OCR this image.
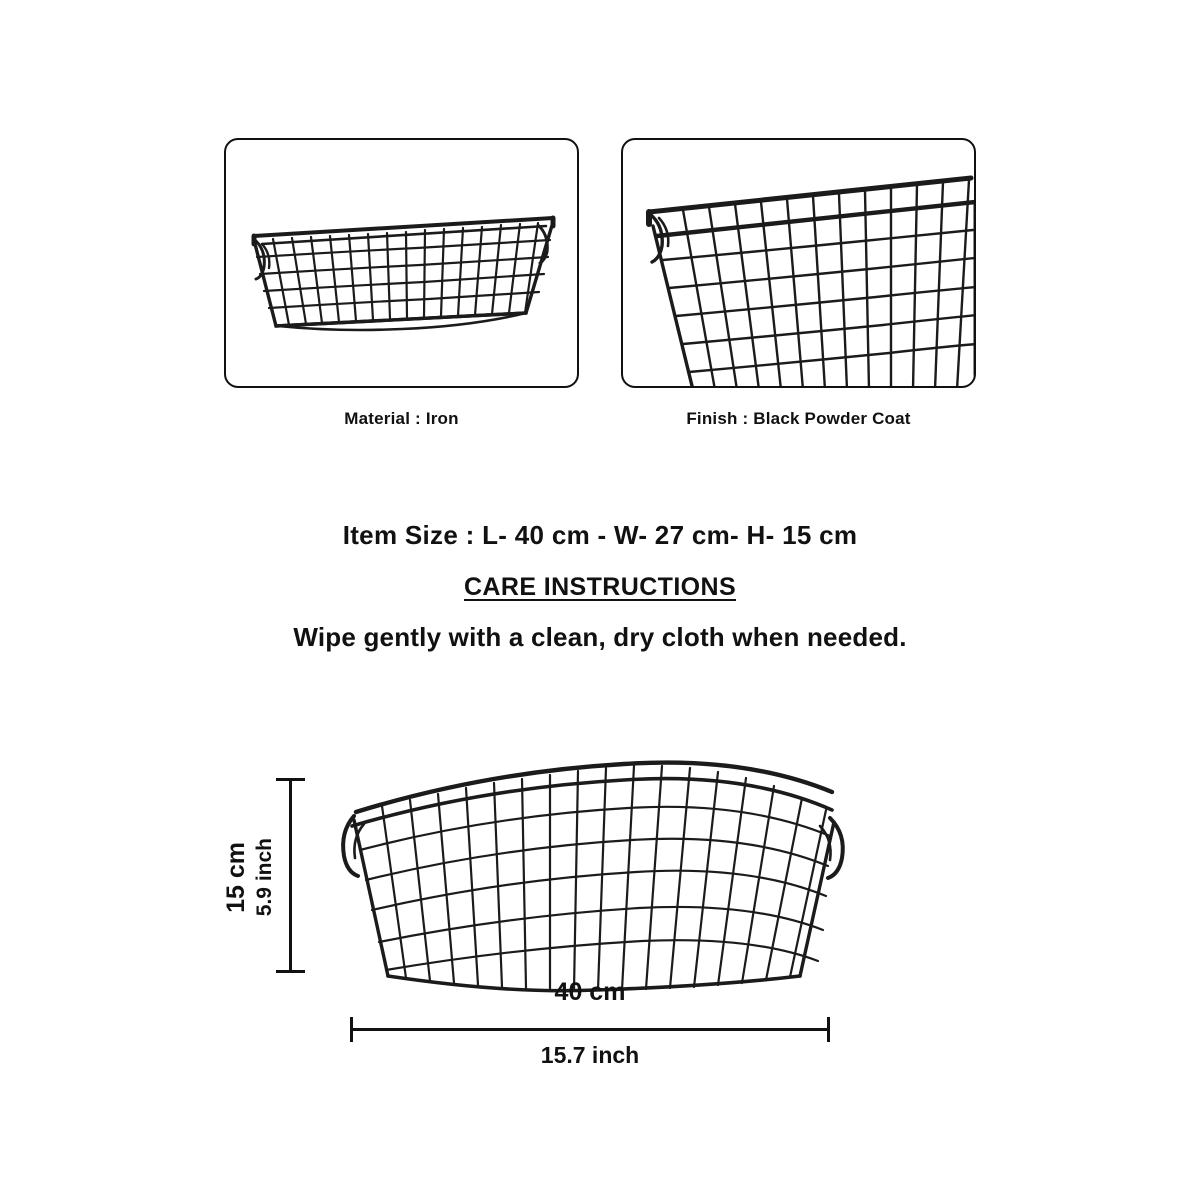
Material : Iron	Finish : Black Powder Coat
Item Size : L- 40 cm - W- 27 cm- H- 15 cm
CARE INSTRUCTIONS
Wipe gently with a clean, dry cloth when needed.
15 cm 5.9 inch
40 cm
15.7 inch
